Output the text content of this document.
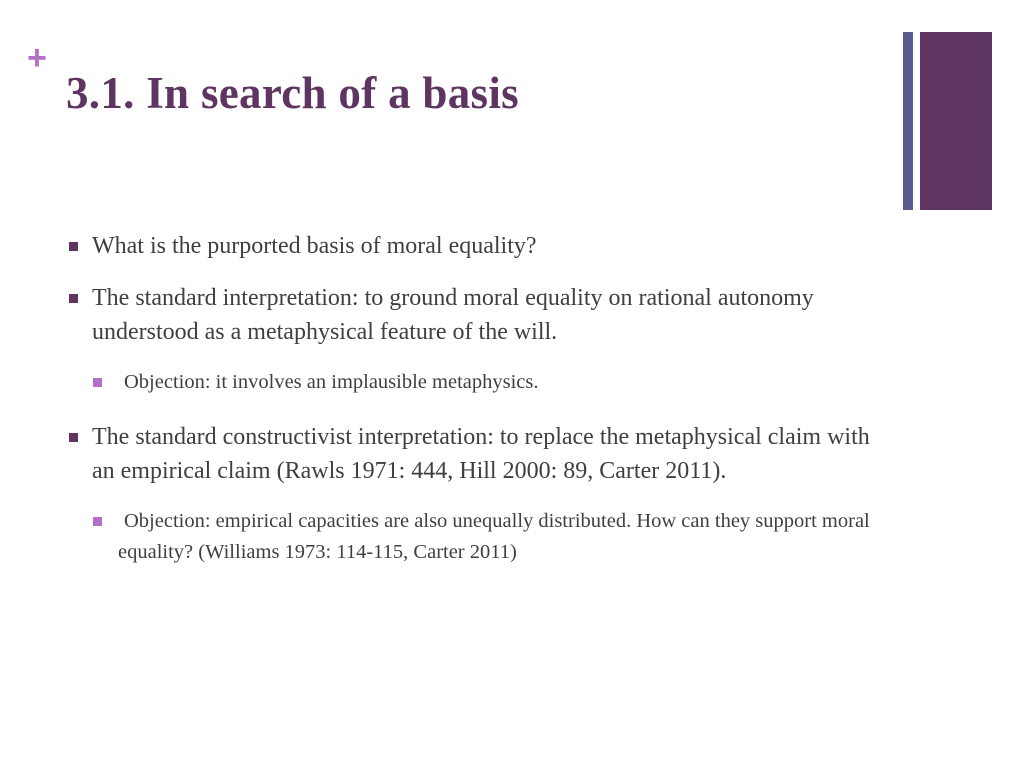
+
3.1. In search of a basis
What is the purported basis of moral equality?
The standard interpretation: to ground moral equality on rational autonomy understood as a metaphysical feature of the will.
Objection: it involves an implausible metaphysics.
The standard constructivist interpretation: to replace the metaphysical claim with an empirical claim (Rawls 1971: 444, Hill 2000: 89, Carter 2011).
Objection: empirical capacities are also unequally distributed. How can they support moral equality? (Williams 1973: 114-115, Carter 2011)
